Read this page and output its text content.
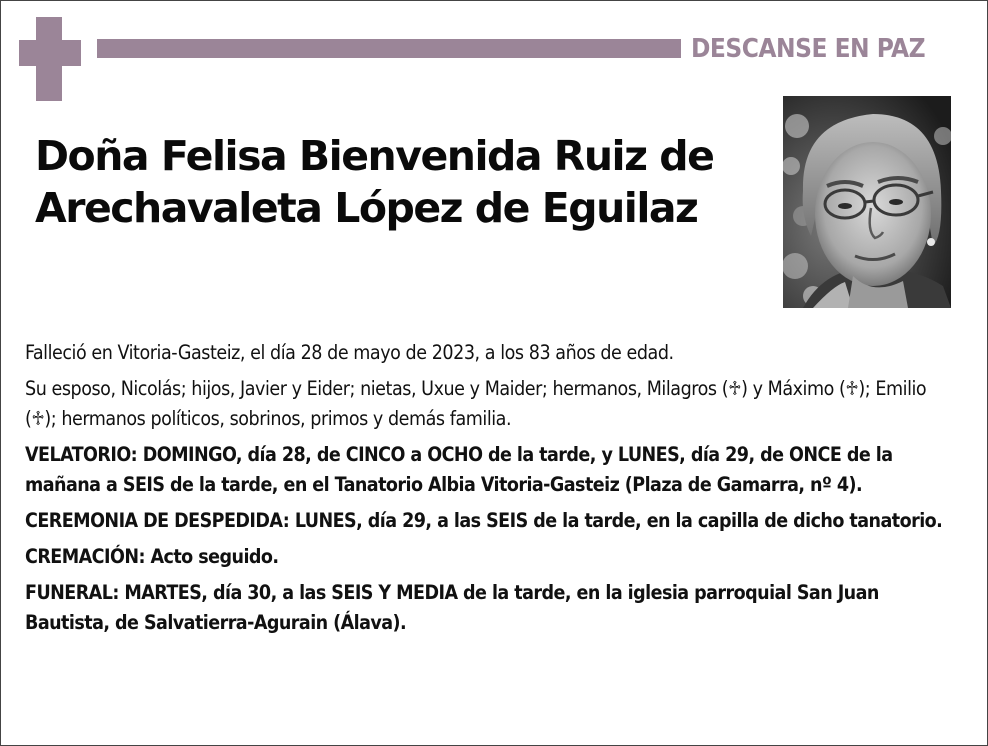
DESCANSE EN PAZ
Doña Felisa Bienvenida Ruiz de
Arechavaleta López de Eguilaz

Falleció en Vitoria-Gasteiz, el día 28 de mayo de 2023, a los 83 años de edad.

Su esposo, Nicolás; hijos, Javier y Eider; nietas, Uxue y Maider; hermanos, Milagros (♱) y Máximo (♱); Emilio (♱); hermanos políticos, sobrinos, primos y demás familia.

VELATORIO: DOMINGO, día 28, de CINCO a OCHO de la tarde, y LUNES, día 29, de ONCE de la mañana a SEIS de la tarde, en el Tanatorio Albia Vitoria-Gasteiz (Plaza de Gamarra, nº 4).

CEREMONIA DE DESPEDIDA: LUNES, día 29, a las SEIS de la tarde, en la capilla de dicho tanatorio.

CREMACIÓN: Acto seguido.

FUNERAL: MARTES, día 30, a las SEIS Y MEDIA de la tarde, en la iglesia parroquial San Juan Bautista, de Salvatierra-Agurain (Álava).
